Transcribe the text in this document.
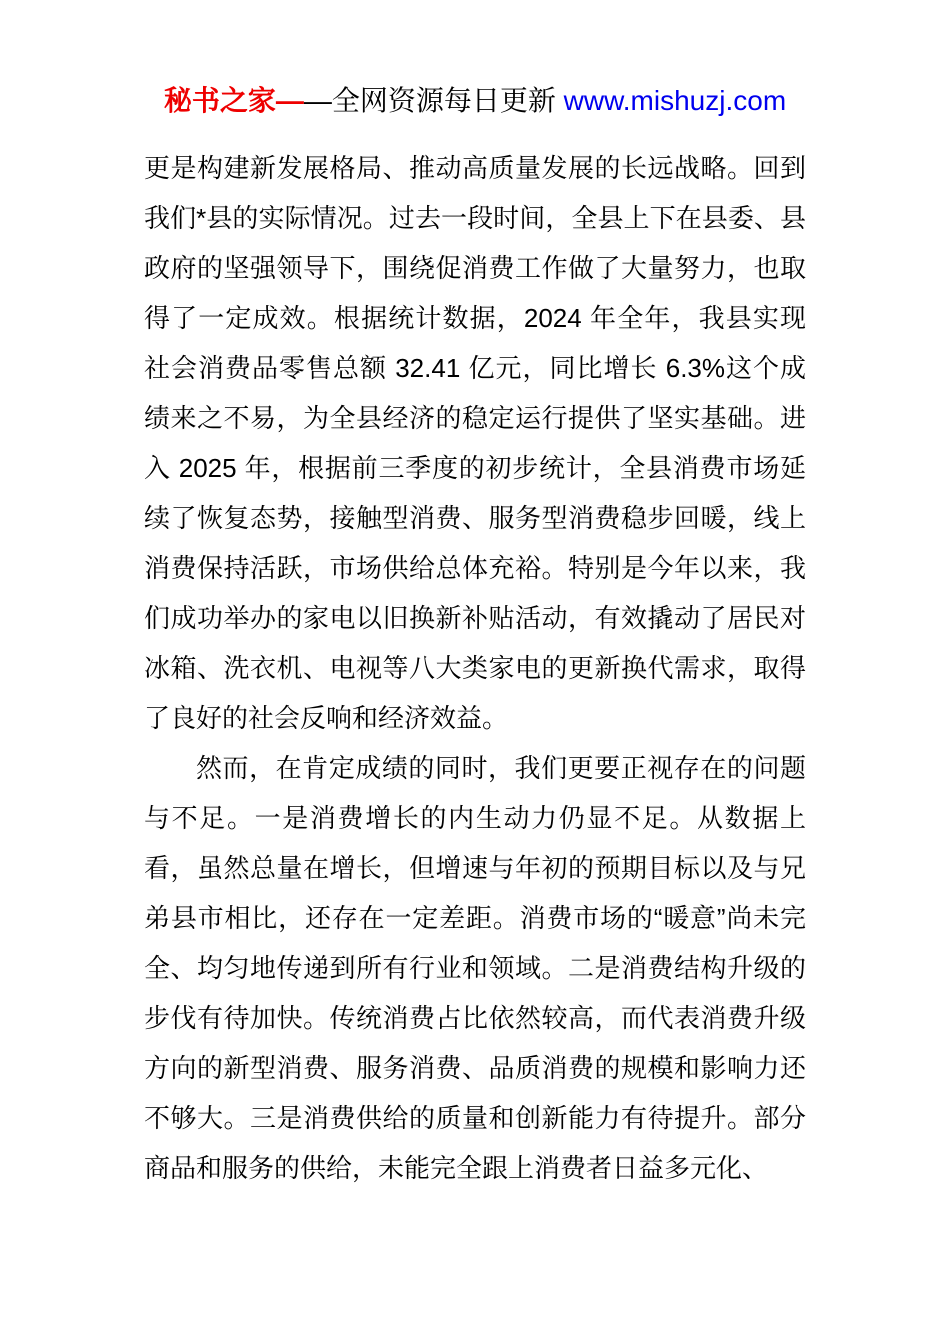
秘书之家——全网资源每日更新 www.mishuzj.com

更是构建新发展格局、推动高质量发展的长远战略。回到我们*县的实际情况。过去一段时间，全县上下在县委、县政府的坚强领导下，围绕促消费工作做了大量努力，也取得了一定成效。根据统计数据，2024 年全年，我县实现社会消费品零售总额 32.41 亿元，同比增长 6.3%这个成绩来之不易，为全县经济的稳定运行提供了坚实基础。进入 2025 年，根据前三季度的初步统计，全县消费市场延续了恢复态势，接触型消费、服务型消费稳步回暖，线上消费保持活跃，市场供给总体充裕。特别是今年以来，我们成功举办的家电以旧换新补贴活动，有效撬动了居民对冰箱、洗衣机、电视等八大类家电的更新换代需求，取得了良好的社会反响和经济效益。

然而，在肯定成绩的同时，我们更要正视存在的问题与不足。一是消费增长的内生动力仍显不足。从数据上看，虽然总量在增长，但增速与年初的预期目标以及与兄弟县市相比，还存在一定差距。消费市场的“暖意”尚未完全、均匀地传递到所有行业和领域。二是消费结构升级的步伐有待加快。传统消费占比依然较高，而代表消费升级方向的新型消费、服务消费、品质消费的规模和影响力还不够大。三是消费供给的质量和创新能力有待提升。部分商品和服务的供给，未能完全跟上消费者日益多元化、
